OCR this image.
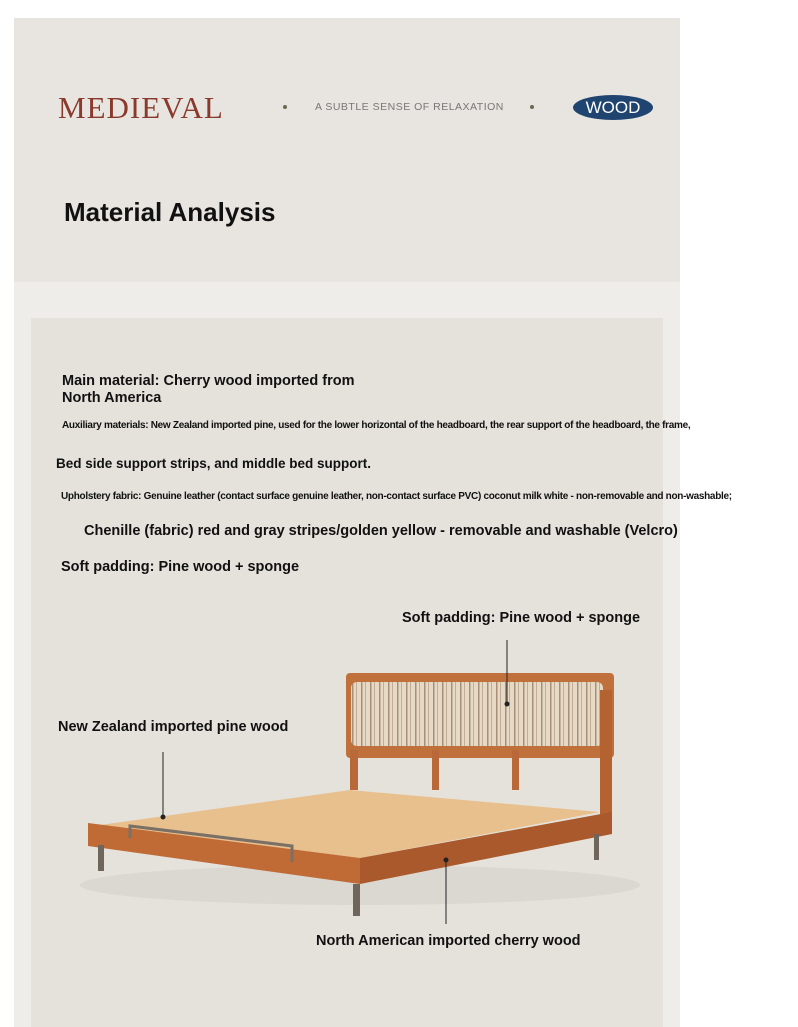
MEDIEVAL	A SUBTLE SENSE OF RELAXATION	WOOD
Material Analysis
Main material: Cherry wood imported from
North America
Auxiliary materials: New Zealand imported pine, used for the lower horizontal of the headboard, the rear support of the headboard, the frame,
Bed side support strips, and middle bed support.
Upholstery fabric: Genuine leather (contact surface genuine leather, non-contact surface PVC) coconut milk white - non-removable and non-washable;
Chenille (fabric) red and gray stripes/golden yellow - removable and washable (Velcro)
Soft padding: Pine wood + sponge
Soft padding: Pine wood + sponge
New Zealand imported pine wood
North American imported cherry wood
